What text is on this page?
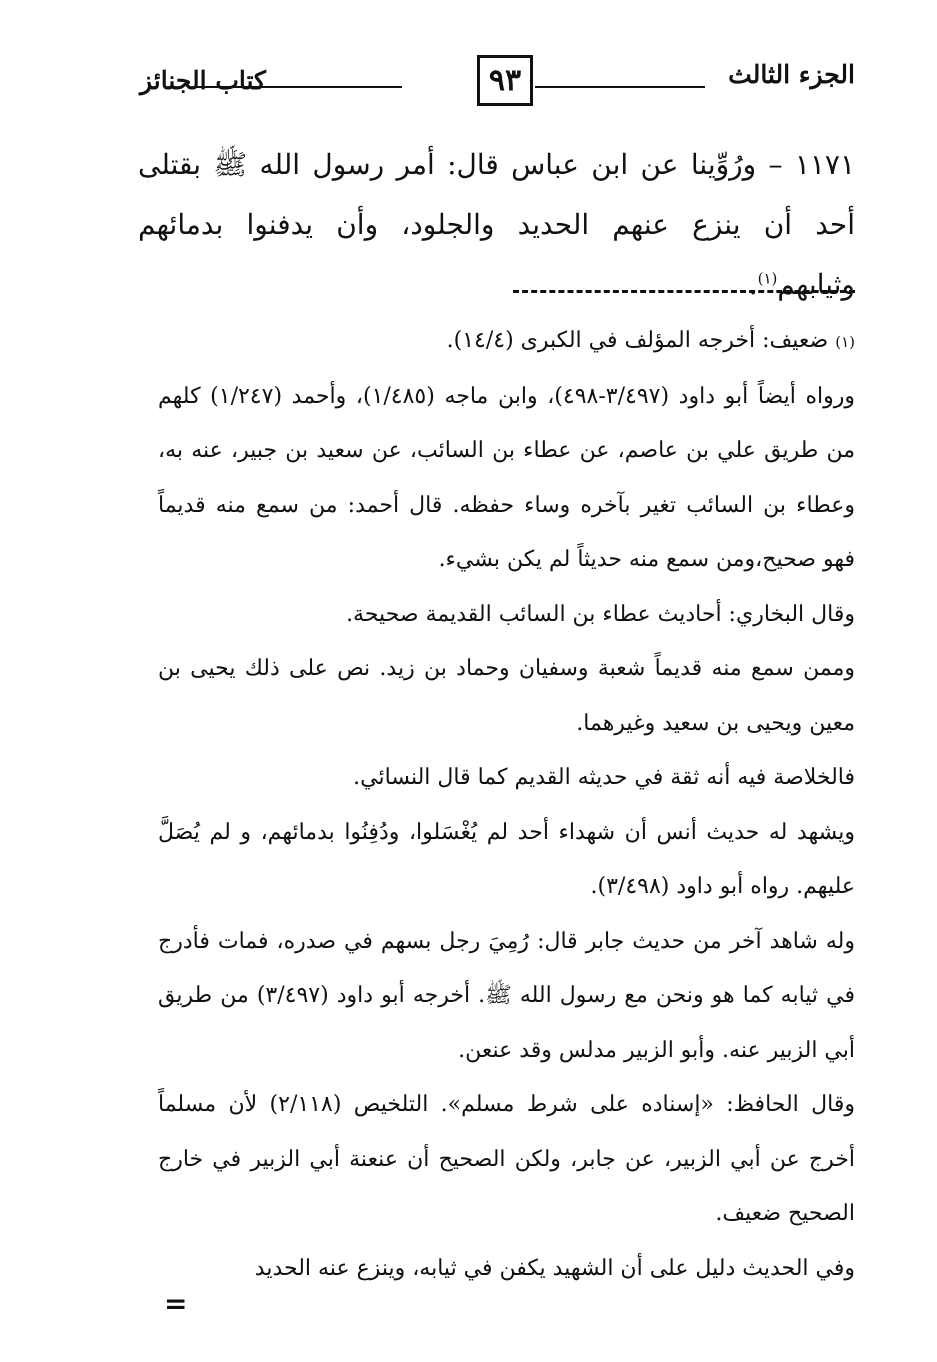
الجزء الثالث
٩٣
كتاب الجنائز

١١٧١ – ورُوِّينا عن ابن عباس قال: أمر رسول الله ﷺ بقتلى أحد أن ينزع عنهم الحديد والجلود، وأن يدفنوا بدمائهم وثيابهم$^{(١)}$.

(١) ضعيف: أخرجه المؤلف في الكبرى (١٤/٤).

ورواه أيضاً أبو داود (٣/٤٩٧-٤٩٨)، وابن ماجه (١/٤٨٥)، وأحمد (١/٢٤٧) كلهم من طريق علي بن عاصم، عن عطاء بن السائب، عن سعيد بن جبير، عنه به، وعطاء بن السائب تغير بآخره وساء حفظه. قال أحمد: من سمع منه قديماً فهو صحيح،ومن سمع منه حديثاً لم يكن بشيء.

وقال البخاري: أحاديث عطاء بن السائب القديمة صحيحة.

وممن سمع منه قديماً شعبة وسفيان وحماد بن زيد. نص على ذلك يحيى بن معين ويحيى بن سعيد وغيرهما.

فالخلاصة فيه أنه ثقة في حديثه القديم كما قال النسائي.

ويشهد له حديث أنس أن شهداء أحد لم يُغْسَلوا، ودُفِنُوا بدمائهم، و لم يُصَلَّ عليهم. رواه أبو داود (٣/٤٩٨).

وله شاهد آخر من حديث جابر قال: رُمِيَ رجل بسهم في صدره، فمات فأدرج في ثيابه كما هو ونحن مع رسول الله ﷺ. أخرجه أبو داود (٣/٤٩٧) من طريق أبي الزبير عنه. وأبو الزبير مدلس وقد عنعن.

وقال الحافظ: «إسناده على شرط مسلم». التلخيص (٢/١١٨) لأن مسلماً أخرج عن أبي الزبير، عن جابر، ولكن الصحيح أن عنعنة أبي الزبير في خارج الصحيح ضعيف.

وفي الحديث دليل على أن الشهيد يكفن في ثيابه، وينزع عنه الحديد

=
